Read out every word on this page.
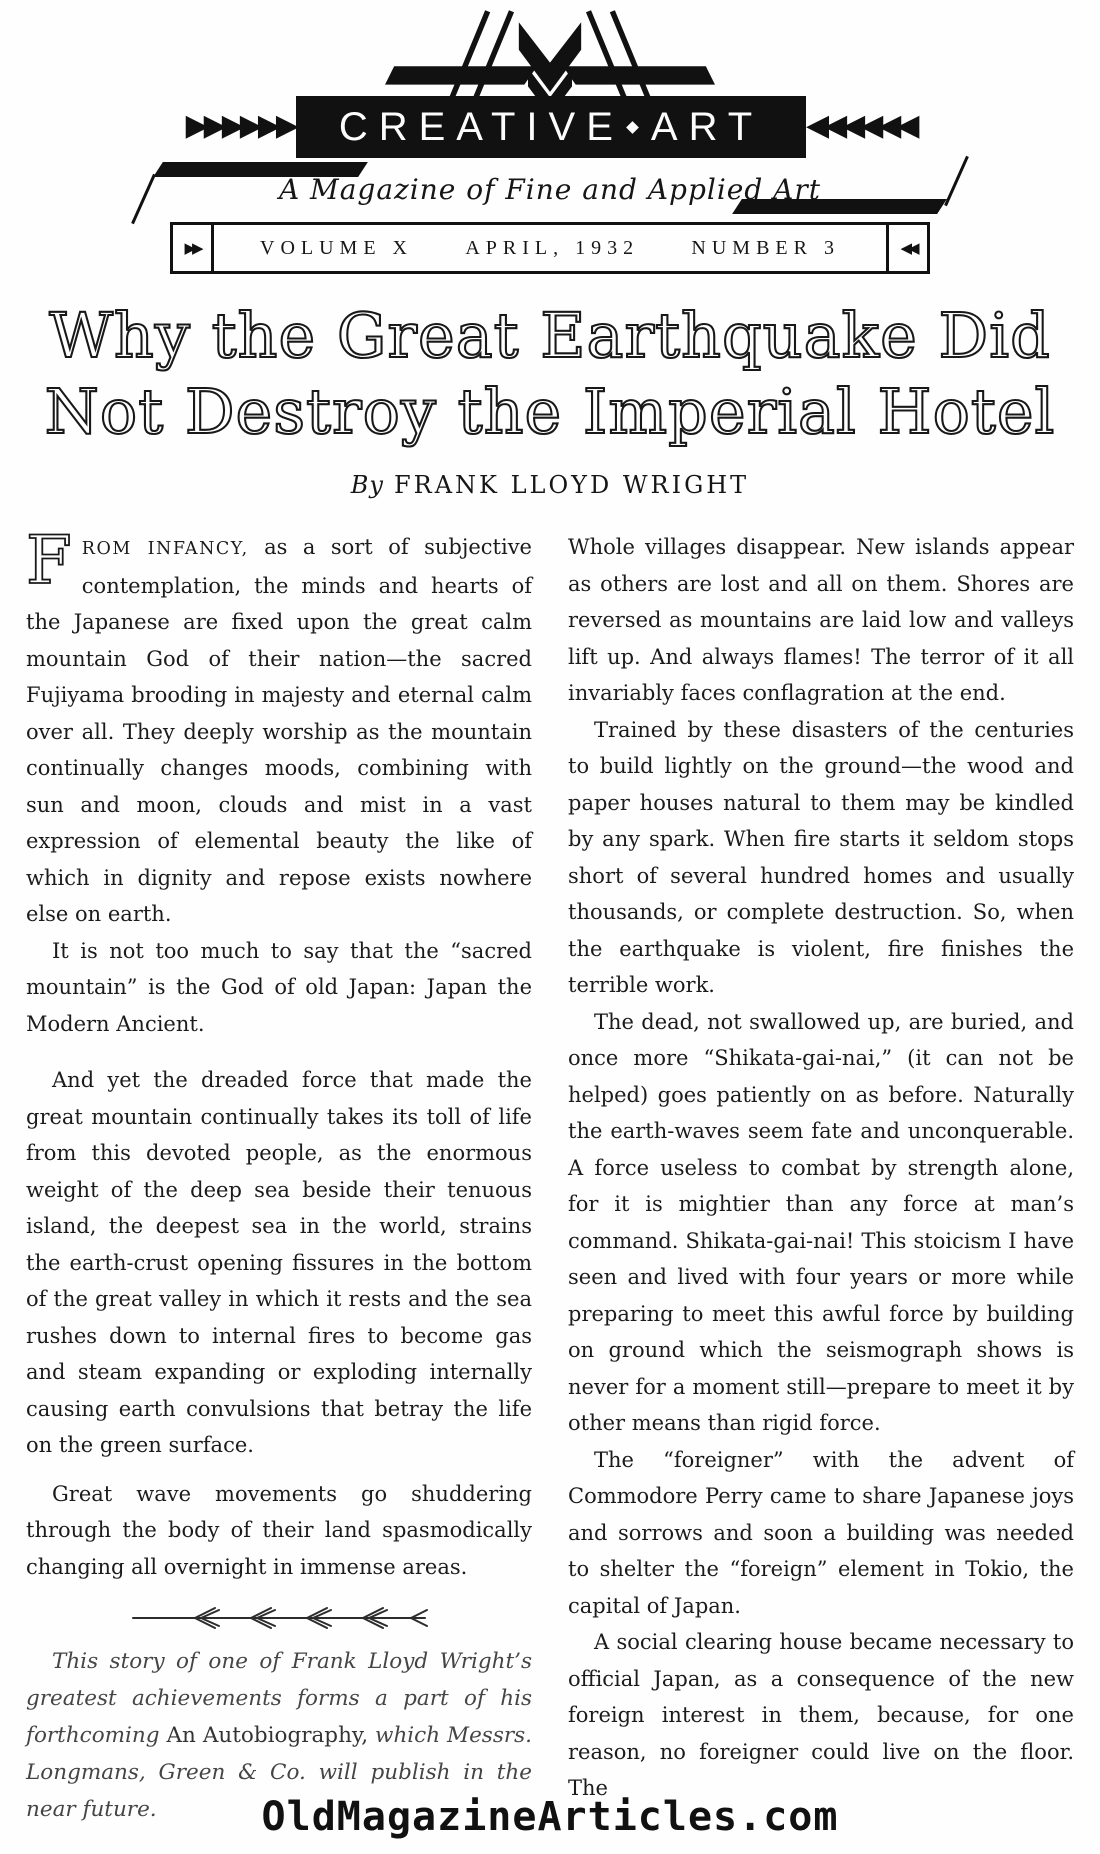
▶▶▶▶▶▶ CREATIVE ART ◀◀◀◀◀◀
A Magazine of Fine and Applied Art
▶▶	VOLUME X	APRIL, 1932	NUMBER 3	◀◀
Why the Great Earthquake Did
Not Destroy the Imperial Hotel
By FRANK LLOYD WRIGHT

FROM INFANCY, as a sort of subjective contemplation, the minds and hearts of the Japanese are fixed upon the great calm mountain God of their nation—the sacred Fujiyama brooding in majesty and eternal calm over all. They deeply worship as the mountain continually changes moods, combining with sun and moon, clouds and mist in a vast expression of elemental beauty the like of which in dignity and repose exists nowhere else on earth.

It is not too much to say that the “sacred mountain” is the God of old Japan: Japan the Modern Ancient.

And yet the dreaded force that made the great mountain continually takes its toll of life from this devoted people, as the enormous weight of the deep sea beside their tenuous island, the deepest sea in the world, strains the earth-crust opening fissures in the bottom of the great valley in which it rests and the sea rushes down to internal fires to become gas and steam expanding or exploding internally causing earth convulsions that betray the life on the green surface.

Great wave movements go shuddering through the body of their land spasmodically changing all overnight in immense areas.

This story of one of Frank Lloyd Wright’s greatest achievements forms a part of his forthcoming An Autobiography, which Messrs. Longmans, Green & Co. will publish in the near future.

Whole villages disappear. New islands appear as others are lost and all on them. Shores are reversed as mountains are laid low and valleys lift up. And always flames! The terror of it all invariably faces conflagration at the end.

Trained by these disasters of the centuries to build lightly on the ground—the wood and paper houses natural to them may be kindled by any spark. When fire starts it seldom stops short of several hundred homes and usually thousands, or complete destruction. So, when the earthquake is violent, fire finishes the terrible work.

The dead, not swallowed up, are buried, and once more “Shikata-gai-nai,” (it can not be helped) goes patiently on as before. Naturally the earth-waves seem fate and unconquerable. A force useless to combat by strength alone, for it is mightier than any force at man’s command. Shikata-gai-nai! This stoicism I have seen and lived with four years or more while preparing to meet this awful force by building on ground which the seismograph shows is never for a moment still—prepare to meet it by other means than rigid force.

The “foreigner” with the advent of Commodore Perry came to share Japanese joys and sorrows and soon a building was needed to shelter the “foreign” element in Tokio, the capital of Japan.

A social clearing house became necessary to official Japan, as a consequence of the new foreign interest in them, because, for one reason, no foreigner could live on the floor. The

OldMagazineArticles.com
